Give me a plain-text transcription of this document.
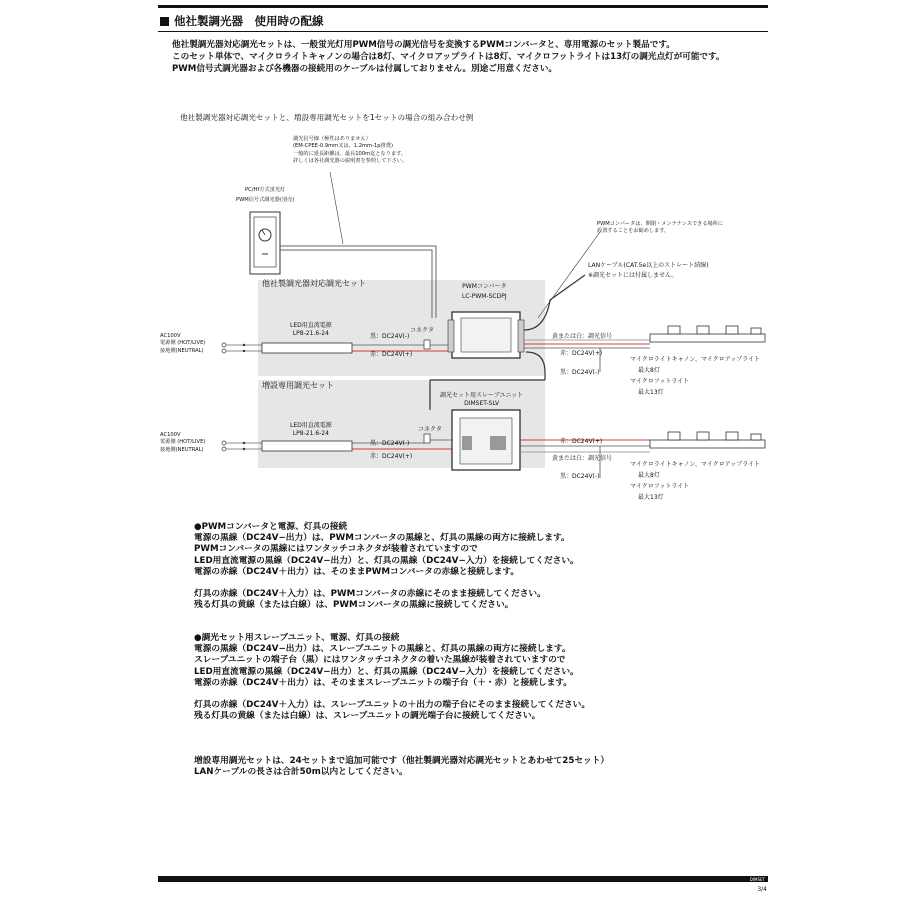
他社製調光器　使用時の配線
他社製調光器対応調光セットは、一般蛍光灯用PWM信号の調光信号を変換するPWMコンバータと、専用電源のセット製品です。
このセット単体で、マイクロライトキャノンの場合は8灯、マイクロアップライトは8灯、マイクロフットライトは13灯の調光点灯が可能です。
PWM信号式調光器および各機器の接続用のケーブルは付属しておりません。別途ご用意ください。
他社製調光器対応調光セットと、増設専用調光セットを1セットの場合の組み合わせ例
調光信号線（極性はありません）
(EM-CPEE-0.9mm又は、1.2mm-1p推奨)
一般的に延長距離は、最長100m迄となります。
詳しくは各社調光器の説明書を参照して下さい。
PC/Hf方式蛍光灯
PWM信号式調光器(別売)
他社製調光器対応調光セット
増設専用調光セット
PWMコンバータ
LC-PWM-SCDPJ
PWMコンバータは、開閉・メンテナンスできる場所に
設置することをお勧めします。
LANケーブル(CAT.5e以上のストレート結線)
※調光セットには付属しません。
調光セット用スレーブユニット
DIMSET-SLV
AC100V
電源側 (HOT/LIVE)
接地側(NEUTRAL)
AC100V
電源側 (HOT/LIVE)
接地側(NEUTRAL)
LED用直流電源
LP8-21.6-24
LED用直流電源
LP8-21.6-24
コネクタ
コネクタ
黒：DC24V(-)
赤：DC24V(+)
黒：DC24V(-)
赤：DC24V(+)
黄または白：調光信号
赤：DC24V(+)
黒：DC24V(-)
赤：DC24V(+)
黄または白：調光信号
黒：DC24V(-)
マイクロライトキャノン、マイクロアップライト
最大8灯
マイクロフットライト
最大13灯
マイクロライトキャノン、マイクロアップライト
最大8灯
マイクロフットライト
最大13灯
●PWMコンバータと電源、灯具の接続
電源の黒線（DC24V−出力）は、PWMコンバータの黒線と、灯具の黒線の両方に接続します。
PWMコンバータの黒線にはワンタッチコネクタが装着されていますので
LED用直流電源の黒線（DC24V−出力）と、灯具の黒線（DC24V−入力）を接続してください。
電源の赤線（DC24V＋出力）は、そのままPWMコンバータの赤線と接続します。
灯具の赤線（DC24V＋入力）は、PWMコンバータの赤線にそのまま接続してください。
残る灯具の黄線（または白線）は、PWMコンバータの黒線に接続してください。
●調光セット用スレーブユニット、電源、灯具の接続
電源の黒線（DC24V−出力）は、スレーブユニットの黒線と、灯具の黒線の両方に接続します。
スレーブユニットの端子台（黒）にはワンタッチコネクタの着いた黒線が装着されていますので
LED用直流電源の黒線（DC24V−出力）と、灯具の黒線（DC24V−入力）を接続してください。
電源の赤線（DC24V＋出力）は、そのままスレーブユニットの端子台（＋・赤）と接続します。
灯具の赤線（DC24V＋入力）は、スレーブユニットの＋出力の端子台にそのまま接続してください。
残る灯具の黄線（または白線）は、スレーブユニットの調光端子台に接続してください。
増設専用調光セットは、24セットまで追加可能です（他社製調光器対応調光セットとあわせて25セット）
LANケーブルの長さは合計50m以内としてください。
DIMSET
3/4
